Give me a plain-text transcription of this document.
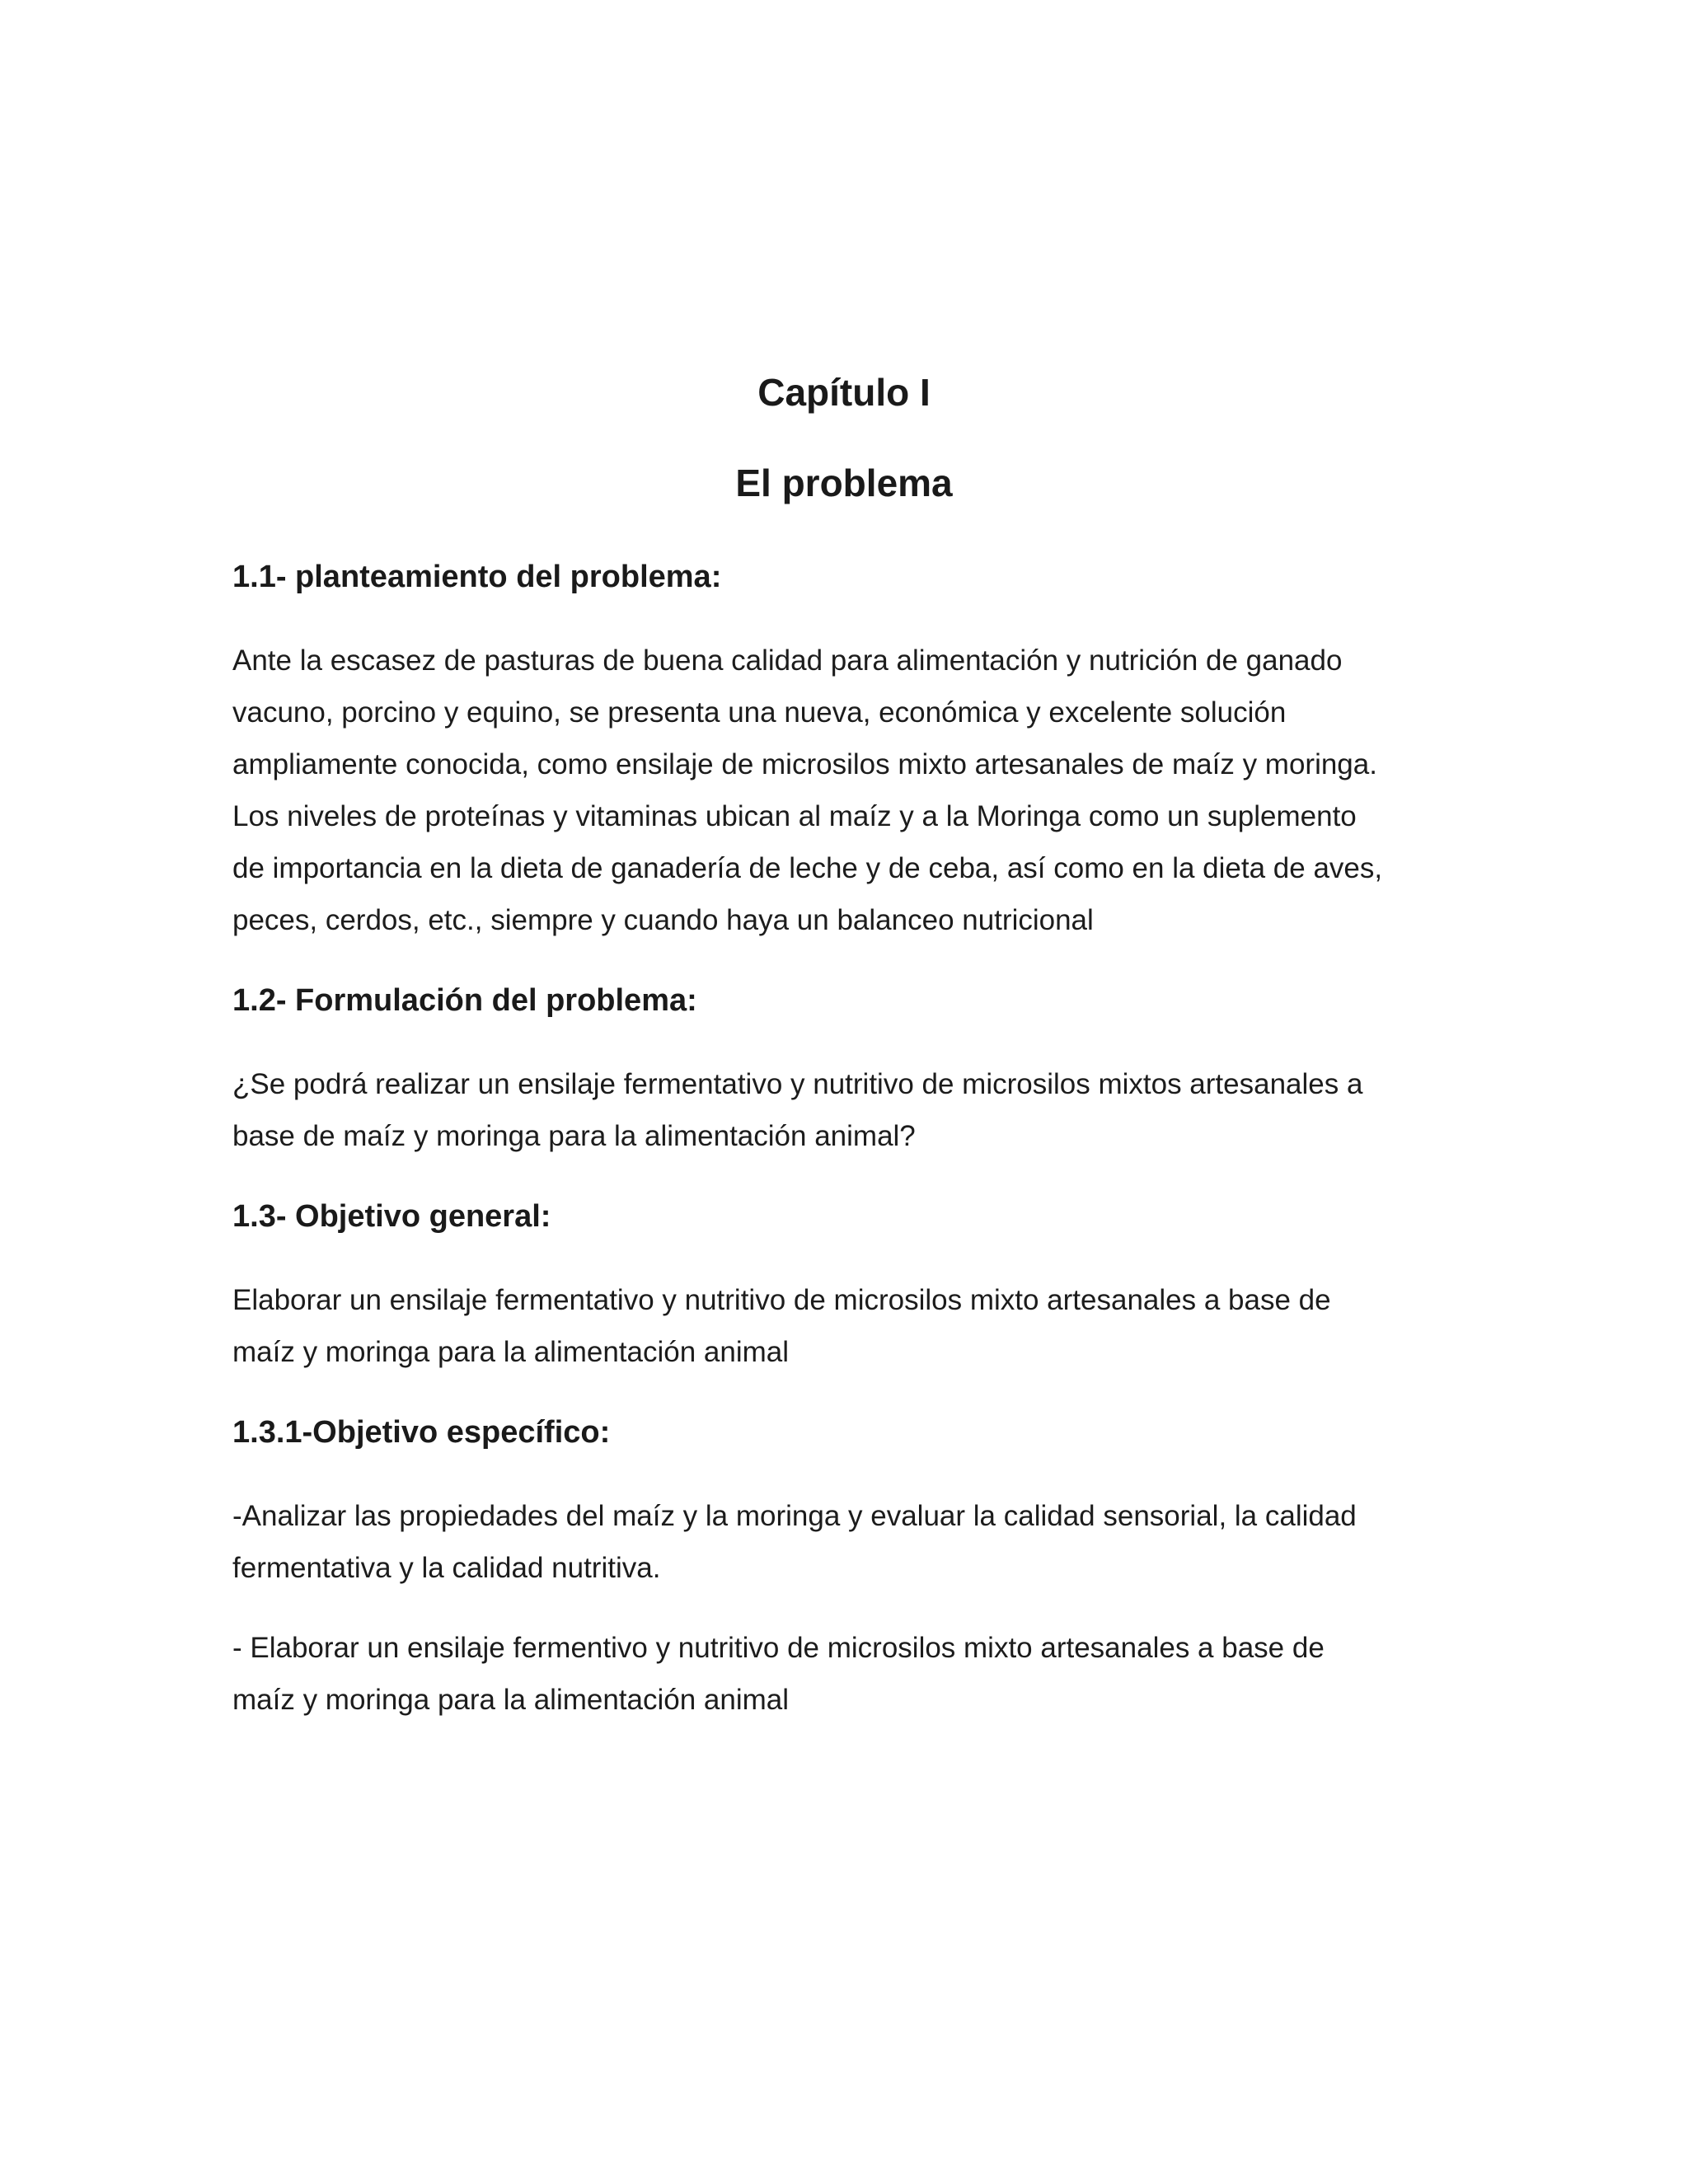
Capítulo I
El problema
1.1- planteamiento del problema:
Ante la escasez de pasturas de buena calidad para alimentación y nutrición de ganado
vacuno, porcino y equino, se presenta una nueva, económica y excelente solución
ampliamente conocida, como ensilaje de microsilos mixto artesanales de maíz y moringa.
Los niveles de proteínas y vitaminas ubican al maíz y a la Moringa como un suplemento
de importancia en la dieta de ganadería de leche y de ceba, así como en la dieta de aves,
peces, cerdos, etc., siempre y cuando haya un balanceo nutricional
1.2- Formulación del problema:
¿Se podrá realizar un ensilaje fermentativo y nutritivo de microsilos mixtos artesanales a
base de maíz y moringa para la alimentación animal?
1.3- Objetivo general:
Elaborar un ensilaje fermentativo y nutritivo de microsilos mixto artesanales a base de
maíz y moringa para la alimentación animal
1.3.1-Objetivo específico:
-Analizar las propiedades del maíz y la moringa y evaluar la calidad sensorial, la calidad
fermentativa y la calidad nutritiva.
- Elaborar un ensilaje fermentivo y nutritivo de microsilos mixto artesanales a base de
maíz y moringa para la alimentación animal
